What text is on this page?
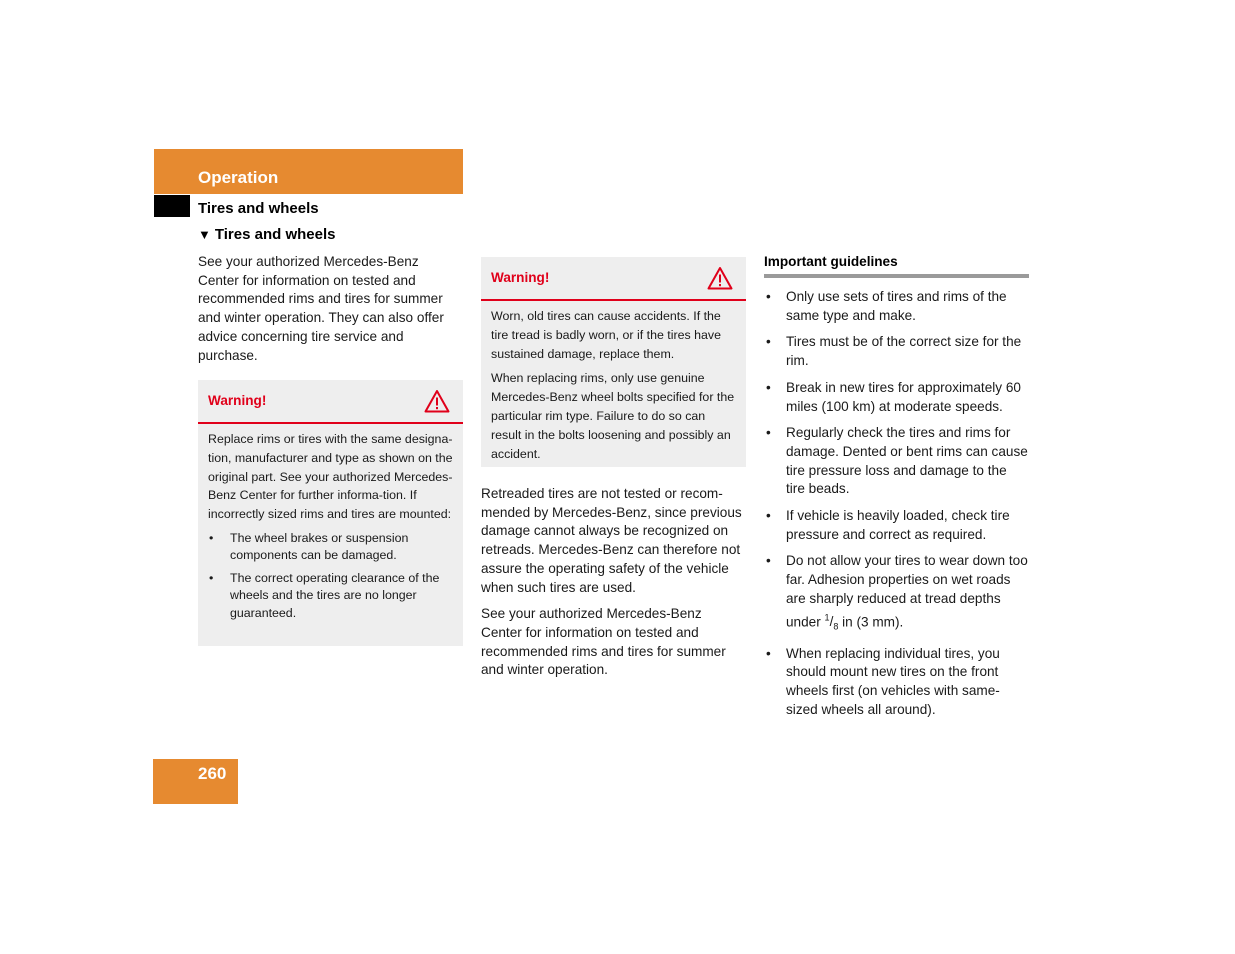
Operation
Tires and wheels
▼ Tires and wheels

See your authorized Mercedes-Benz Center for information on tested and recommended rims and tires for summer and winter operation. They can also offer advice concerning tire service and purchase.

Warning!

Replace rims or tires with the same designa-tion, manufacturer and type as shown on the original part. See your authorized Mercedes-Benz Center for further informa-tion. If incorrectly sized rims and tires are mounted:

• The wheel brakes or suspension components can be damaged.
• The correct operating clearance of the wheels and the tires are no longer guaranteed.
Warning!

Worn, old tires can cause accidents. If the tire tread is badly worn, or if the tires have sustained damage, replace them.

When replacing rims, only use genuine Mercedes-Benz wheel bolts specified for the particular rim type. Failure to do so can result in the bolts loosening and possibly an accident.

Retreaded tires are not tested or recom-mended by Mercedes-Benz, since previous damage cannot always be recognized on retreads. Mercedes-Benz can therefore not assure the operating safety of the vehicle when such tires are used.

See your authorized Mercedes-Benz Center for information on tested and recommended rims and tires for summer and winter operation.

Important guidelines
• Only use sets of tires and rims of the same type and make.
• Tires must be of the correct size for the rim.
• Break in new tires for approximately 60 miles (100 km) at moderate speeds.
• Regularly check the tires and rims for damage. Dented or bent rims can cause tire pressure loss and damage to the tire beads.
• If vehicle is heavily loaded, check tire pressure and correct as required.
• Do not allow your tires to wear down too far. Adhesion properties on wet roads are sharply reduced at tread depths under $^1/_8$ in (3 mm).
• When replacing individual tires, you should mount new tires on the front wheels first (on vehicles with same-sized wheels all around).
260
